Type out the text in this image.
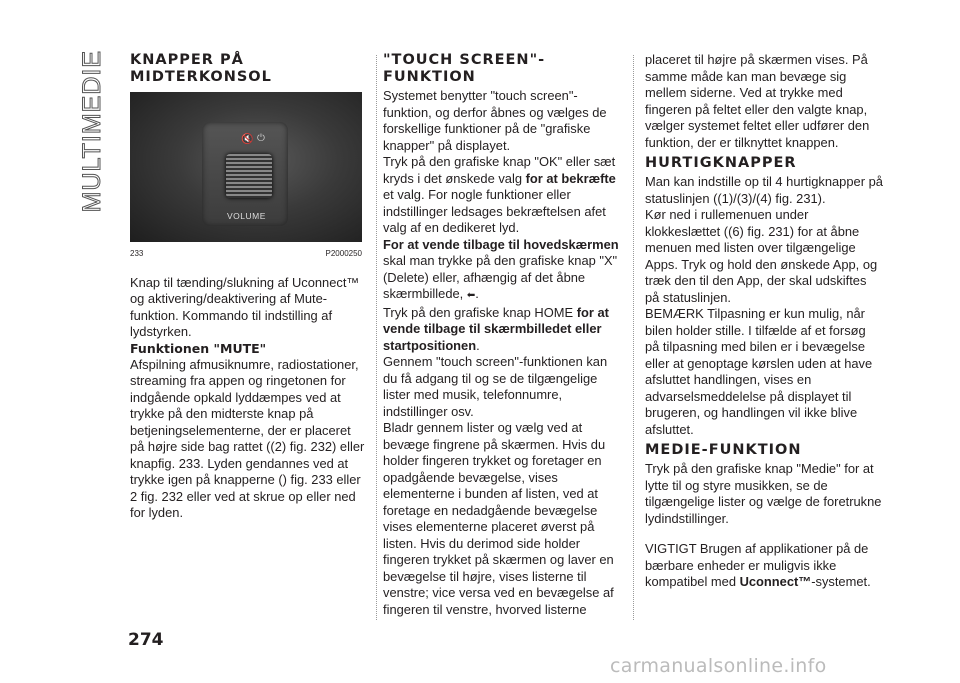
MULTIMEDIE KNAPPER PÅ MIDTERKONSOL
🔇 ⏻
VOLUME
233	P2000250

Knap til tænding/slukning af Uconnect™ og aktivering/deaktivering af Mute-funktion. Kommando til indstilling af lydstyrken.

Funktionen "MUTE"

Afspilning afmusiknumre, radiostationer, streaming fra appen og ringetonen for indgående opkald lyddæmpes ved at trykke på den midterste knap på betjeningselementerne, der er placeret på højre side bag rattet ((2) fig. 232) eller knapfig. 233. Lyden gendannes ved at trykke igen på knapperne () fig. 233 eller 2 fig. 232 eller ved at skrue op eller ned for lyden.

"TOUCH SCREEN"-FUNKTION

Systemet benytter "touch screen"-funktion, og derfor åbnes og vælges de forskellige funktioner på de "grafiske knapper" på displayet.

Tryk på den grafiske knap "OK" eller sæt kryds i det ønskede valg for at bekræfte et valg. For nogle funktioner eller indstillinger ledsages bekræftelsen afet valg af en dedikeret lyd.

For at vende tilbage til hovedskærmen skal man trykke på den grafiske knap "X" (Delete) eller, afhængig af det åbne skærmbillede, ⬅.

Tryk på den grafiske knap HOME for at vende tilbage til skærmbilledet eller startpositionen.

Gennem "touch screen"-funktionen kan du få adgang til og se de tilgængelige lister med musik, telefonnumre, indstillinger osv.

Bladr gennem lister og vælg ved at bevæge fingrene på skærmen. Hvis du holder fingeren trykket og foretager en opadgående bevægelse, vises elementerne i bunden af listen, ved at foretage en nedadgående bevægelse vises elementerne placeret øverst på listen. Hvis du derimod side holder fingeren trykket på skærmen og laver en bevægelse til højre, vises listerne til venstre; vice versa ved en bevægelse af fingeren til venstre, hvorved listerne

placeret til højre på skærmen vises. På samme måde kan man bevæge sig mellem siderne. Ved at trykke med fingeren på feltet eller den valgte knap, vælger systemet feltet eller udfører den funktion, der er tilknyttet knappen.

HURTIGKNAPPER

Man kan indstille op til 4 hurtigknapper på statuslinjen ((1)/(3)/(4) fig. 231).

Kør ned i rullemenuen under klokkeslættet ((6) fig. 231) for at åbne menuen med listen over tilgængelige Apps. Tryk og hold den ønskede App, og træk den til den App, der skal udskiftes på statuslinjen.

BEMÆRK Tilpasning er kun mulig, når bilen holder stille. I tilfælde af et forsøg på tilpasning med bilen er i bevægelse eller at genoptage kørslen uden at have afsluttet handlingen, vises en advarselsmeddelelse på displayet til brugeren, og handlingen vil ikke blive afsluttet.

MEDIE-FUNKTION

Tryk på den grafiske knap "Medie" for at lytte til og styre musikken, se de tilgængelige lister og vælge de foretrukne lydindstillinger.

VIGTIGT Brugen af applikationer på de bærbare enheder er muligvis ikke kompatibel med Uconnect™-systemet.

274
carmanualsonline.info
